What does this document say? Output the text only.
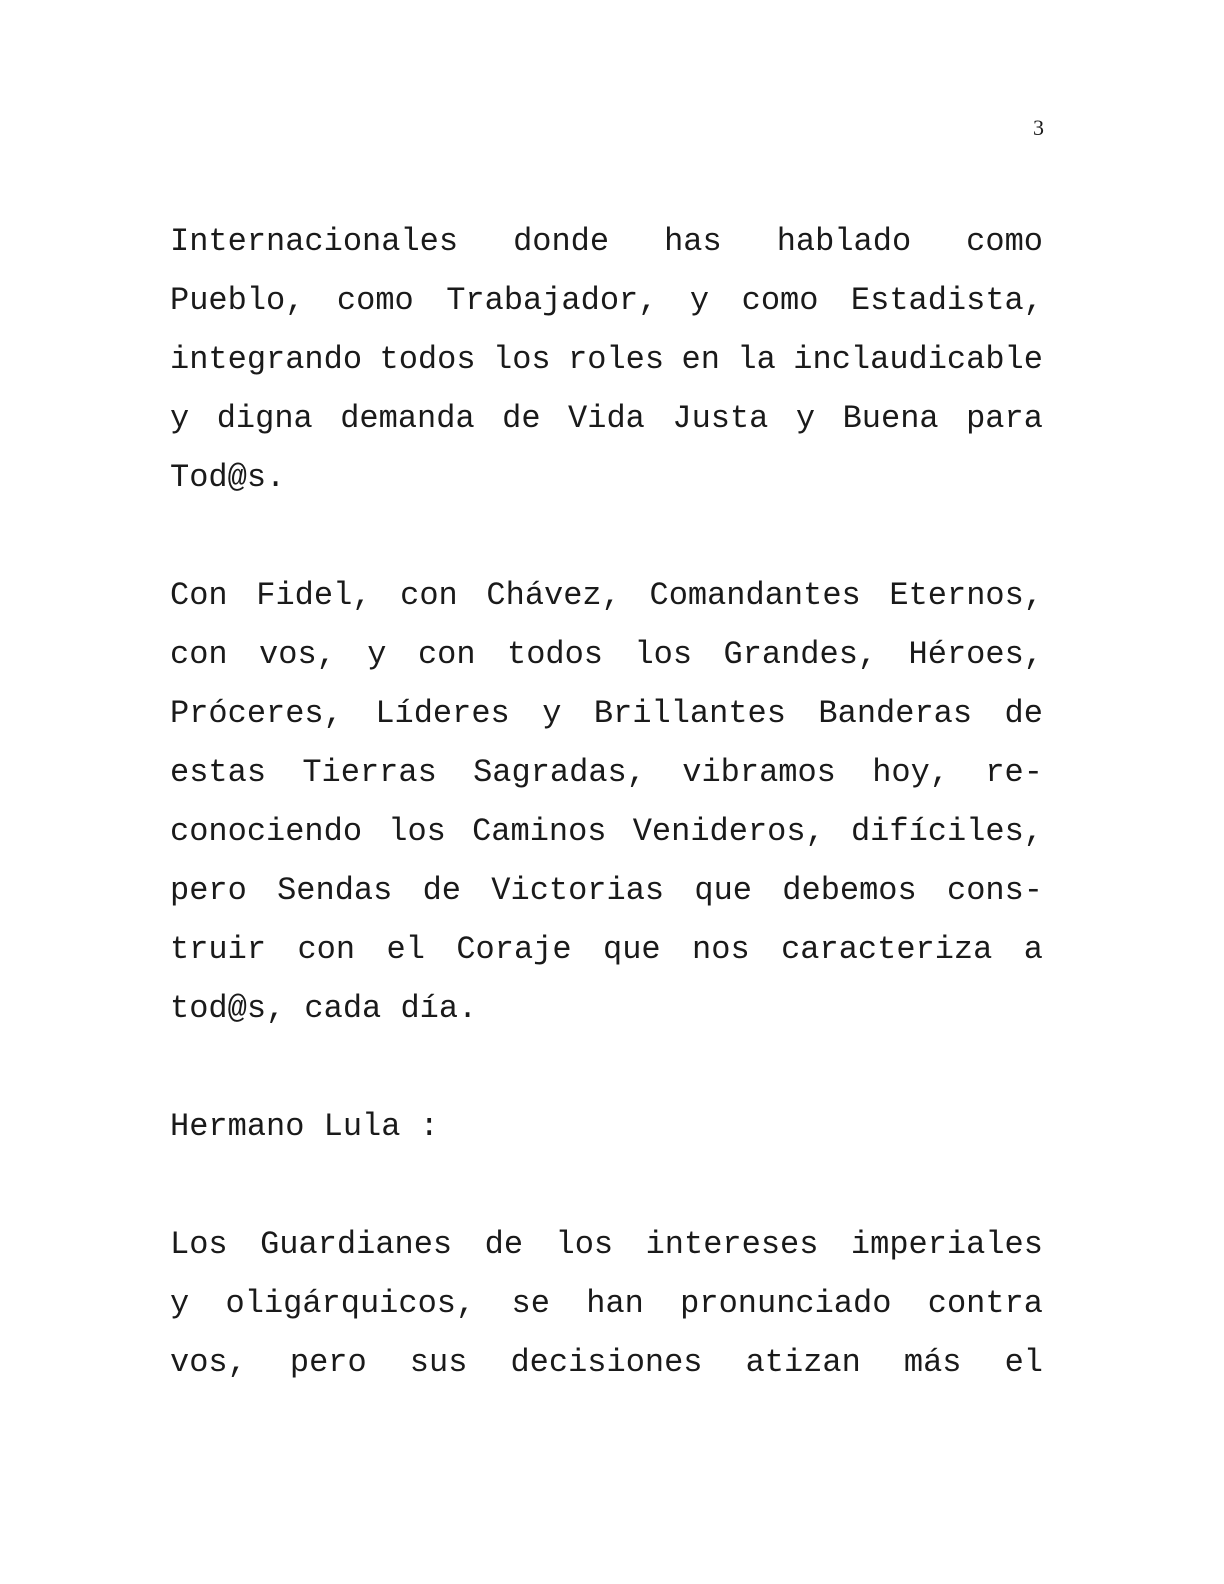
3
Internacionales donde has hablado como
Pueblo, como Trabajador, y como Estadista,
integrando todos los roles en la inclaudicable
y digna demanda de Vida Justa y Buena para
Tod@s.
Con Fidel, con Chávez, Comandantes Eternos,
con vos, y con todos los Grandes, Héroes,
Próceres, Líderes y Brillantes Banderas de
estas Tierras Sagradas, vibramos hoy, re-
conociendo los Caminos Venideros, difíciles,
pero Sendas de Victorias que debemos cons-
truir con el Coraje que nos caracteriza a
tod@s, cada día.
Hermano Lula :
Los Guardianes de los intereses imperiales
y oligárquicos, se han pronunciado contra
vos, pero sus decisiones atizan más el
